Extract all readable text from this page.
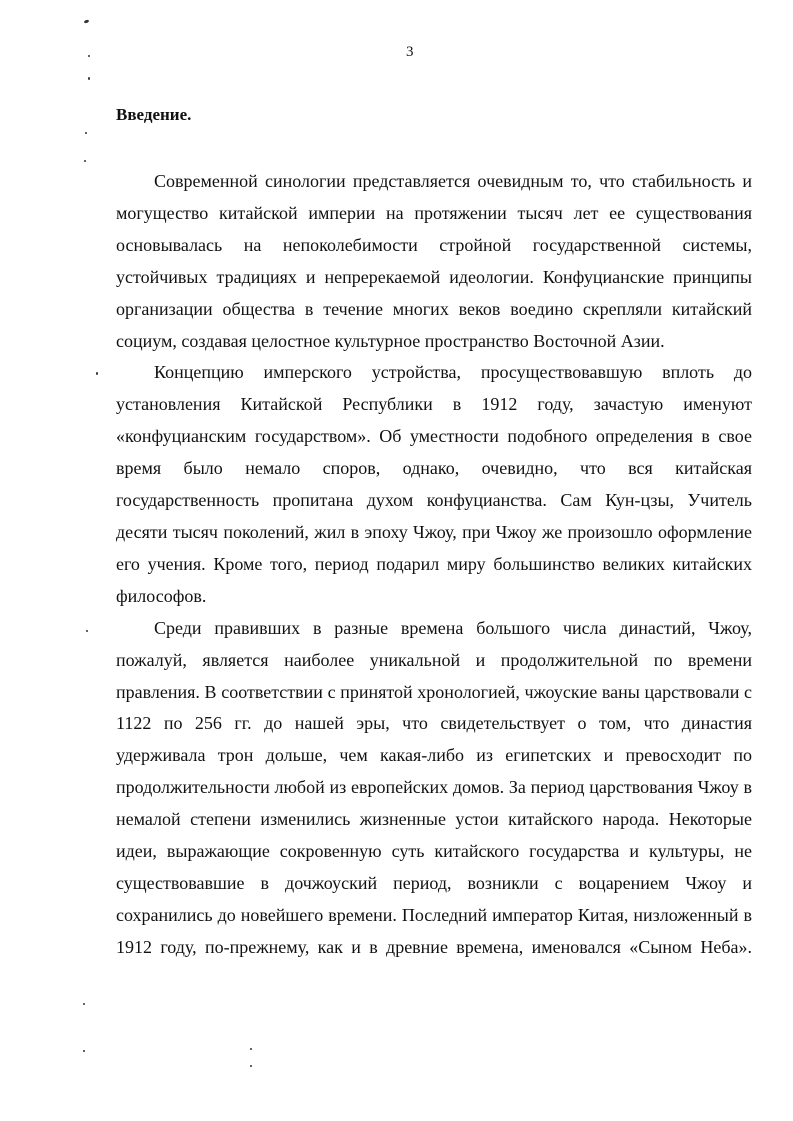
3
Введение.
Современной синологии представляется очевидным то, что стабильность и
могущество китайской империи на протяжении тысяч лет ее существования
основывалась на непоколебимости стройной государственной системы,
устойчивых традициях и непререкаемой идеологии. Конфуцианские принципы
организации общества в течение многих веков воедино скрепляли китайский
социум, создавая целостное культурное пространство Восточной Азии.
Концепцию имперского устройства, просуществовавшую вплоть до
установления Китайской Республики в 1912 году, зачастую именуют
«конфуцианским государством». Об уместности подобного определения в свое
время было немало споров, однако, очевидно, что вся китайская
государственность пропитана духом конфуцианства. Сам Кун-цзы, Учитель
десяти тысяч поколений, жил в эпоху Чжоу, при Чжоу же произошло оформление
его учения. Кроме того, период подарил миру большинство великих китайских
философов.
Среди правивших в разные времена большого числа династий, Чжоу,
пожалуй, является наиболее уникальной и продолжительной по времени
правления. В соответствии с принятой хронологией, чжоуские ваны царствовали с
1122 по 256 гг. до нашей эры, что свидетельствует о том, что династия
удерживала трон дольше, чем какая-либо из египетских и превосходит по
продолжительности любой из европейских домов. За период царствования Чжоу в
немалой степени изменились жизненные устои китайского народа. Некоторые
идеи, выражающие сокровенную суть китайского государства и культуры, не
существовавшие в дочжоуский период, возникли с воцарением Чжоу и
сохранились до новейшего времени. Последний император Китая, низложенный в
1912 году, по-прежнему, как и в древние времена, именовался «Сыном Неба».
